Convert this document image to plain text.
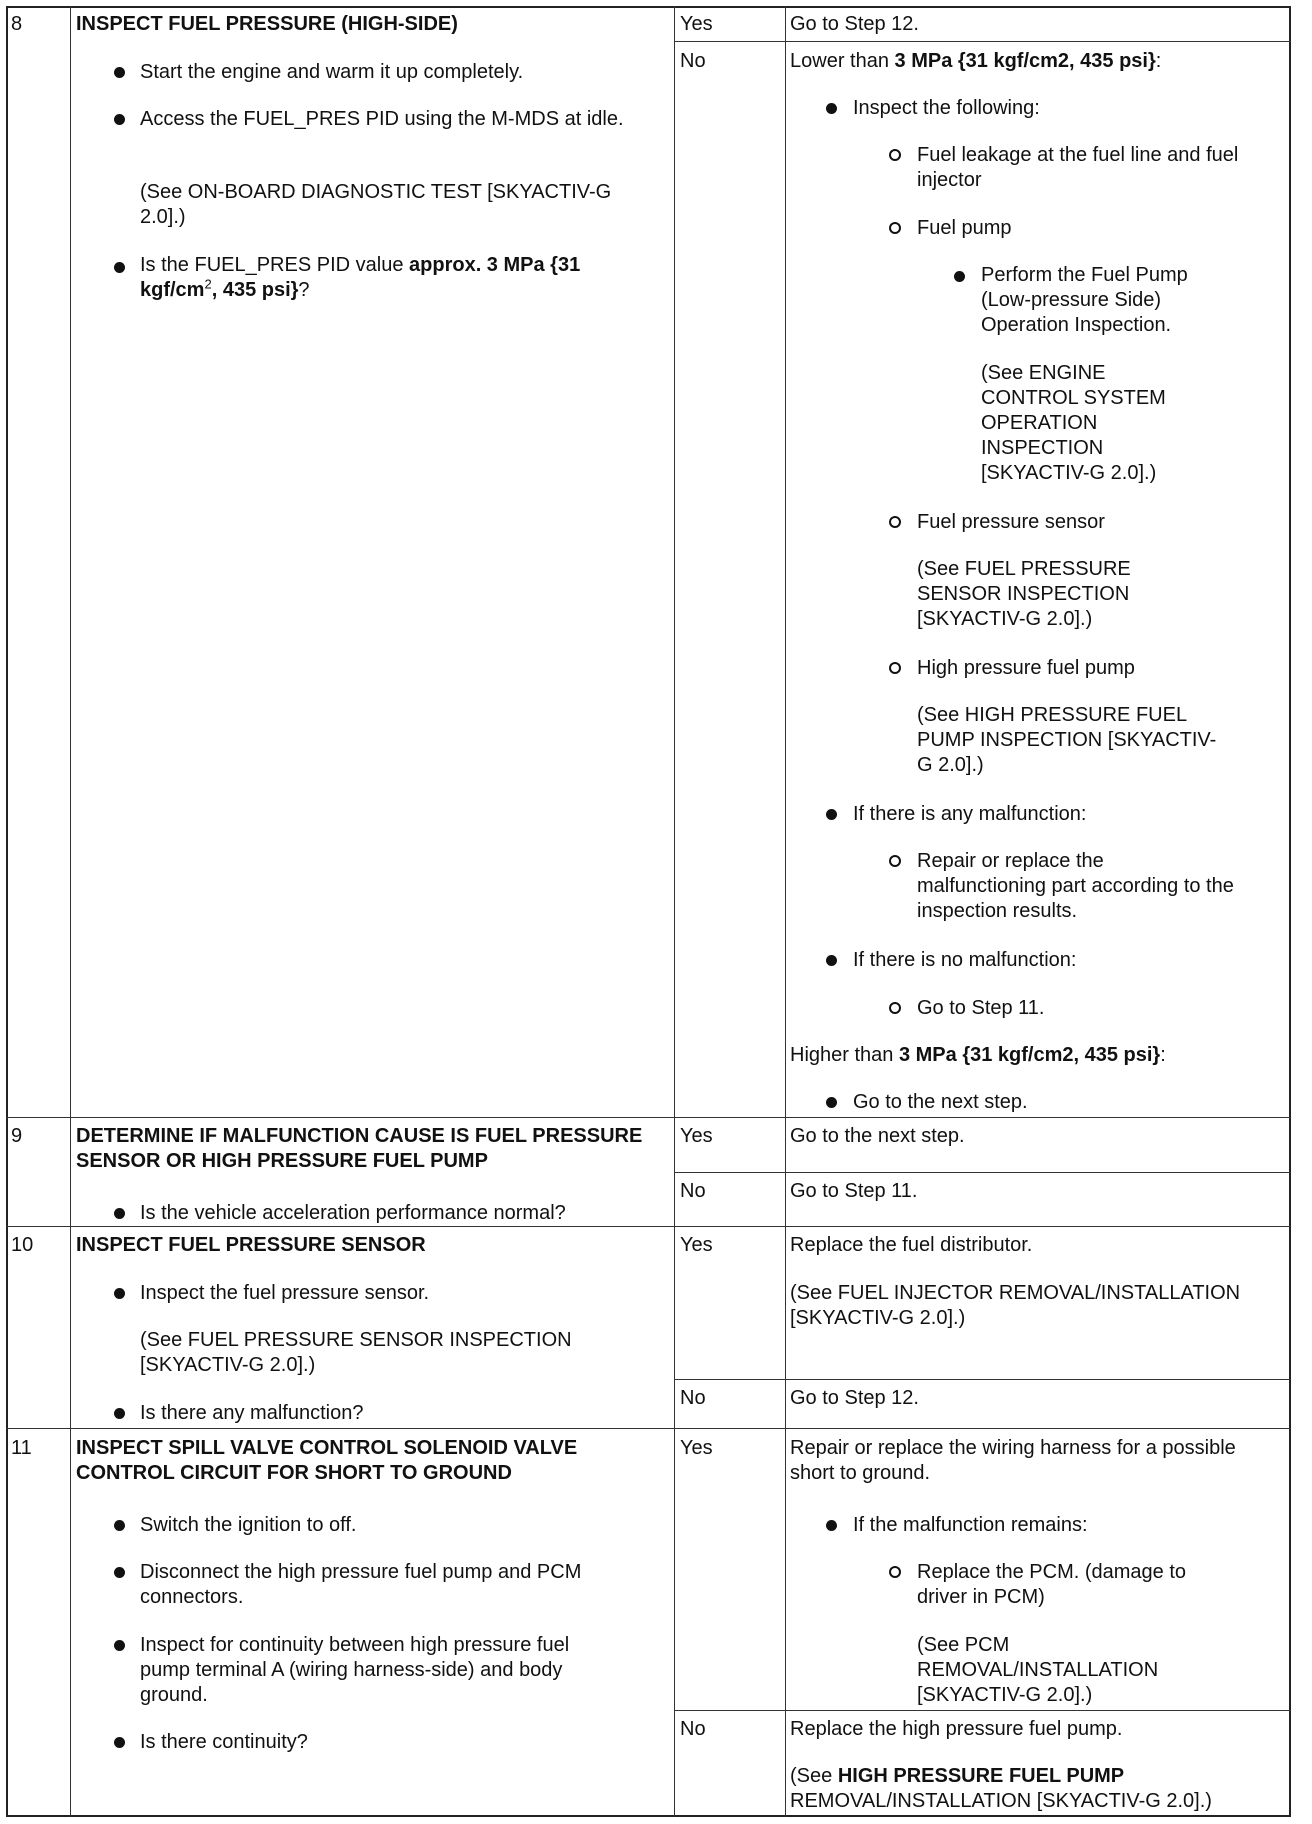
8	INSPECT FUEL PRESSURE (HIGH-SIDE)
Start the engine and warm it up completely.
Access the FUEL_PRES PID using the M-MDS at idle.
(See ON-BOARD DIAGNOSTIC TEST [SKYACTIV-G 2.0].)
Is the FUEL_PRES PID value approx. 3 MPa {31 kgf/$cm^2$, 435 psi}?
Yes	Go to Step 12.
No	Lower than 3 MPa {31 kgf/cm2, 435 psi}:
Inspect the following:
Fuel leakage at the fuel line and fuel injector
Fuel pump
Perform the Fuel Pump (Low-pressure Side) Operation Inspection.
(See ENGINE CONTROL SYSTEM OPERATION INSPECTION [SKYACTIV-G 2.0].)
Fuel pressure sensor
(See FUEL PRESSURE SENSOR INSPECTION [SKYACTIV-G 2.0].)
High pressure fuel pump
(See HIGH PRESSURE FUEL PUMP INSPECTION [SKYACTIV-G 2.0].)
If there is any malfunction:
Repair or replace the malfunctioning part according to the inspection results.
If there is no malfunction:
Go to Step 11.
Higher than 3 MPa {31 kgf/cm2, 435 psi}:
Go to the next step.
9	DETERMINE IF MALFUNCTION CAUSE IS FUEL PRESSURE SENSOR OR HIGH PRESSURE FUEL PUMP
Is the vehicle acceleration performance normal?
Yes	Go to the next step.
No	Go to Step 11.
10 INSPECT FUEL PRESSURE SENSOR
Inspect the fuel pressure sensor.
(See FUEL PRESSURE SENSOR INSPECTION [SKYACTIV-G 2.0].)
Is there any malfunction?
Yes	Replace the fuel distributor.
(See FUEL INJECTOR REMOVAL/INSTALLATION [SKYACTIV-G 2.0].)
No	Go to Step 12.
11 INSPECT SPILL VALVE CONTROL SOLENOID VALVE CONTROL CIRCUIT FOR SHORT TO GROUND
Switch the ignition to off.
Disconnect the high pressure fuel pump and PCM connectors.
Inspect for continuity between high pressure fuel pump terminal A (wiring harness-side) and body ground.
Is there continuity?
Yes	Repair or replace the wiring harness for a possible short to ground.
If the malfunction remains:
Replace the PCM. (damage to driver in PCM)
(See PCM REMOVAL/INSTALLATION [SKYACTIV-G 2.0].)
No	Replace the high pressure fuel pump.
(See HIGH PRESSURE FUEL PUMP REMOVAL/INSTALLATION [SKYACTIV-G 2.0].)
